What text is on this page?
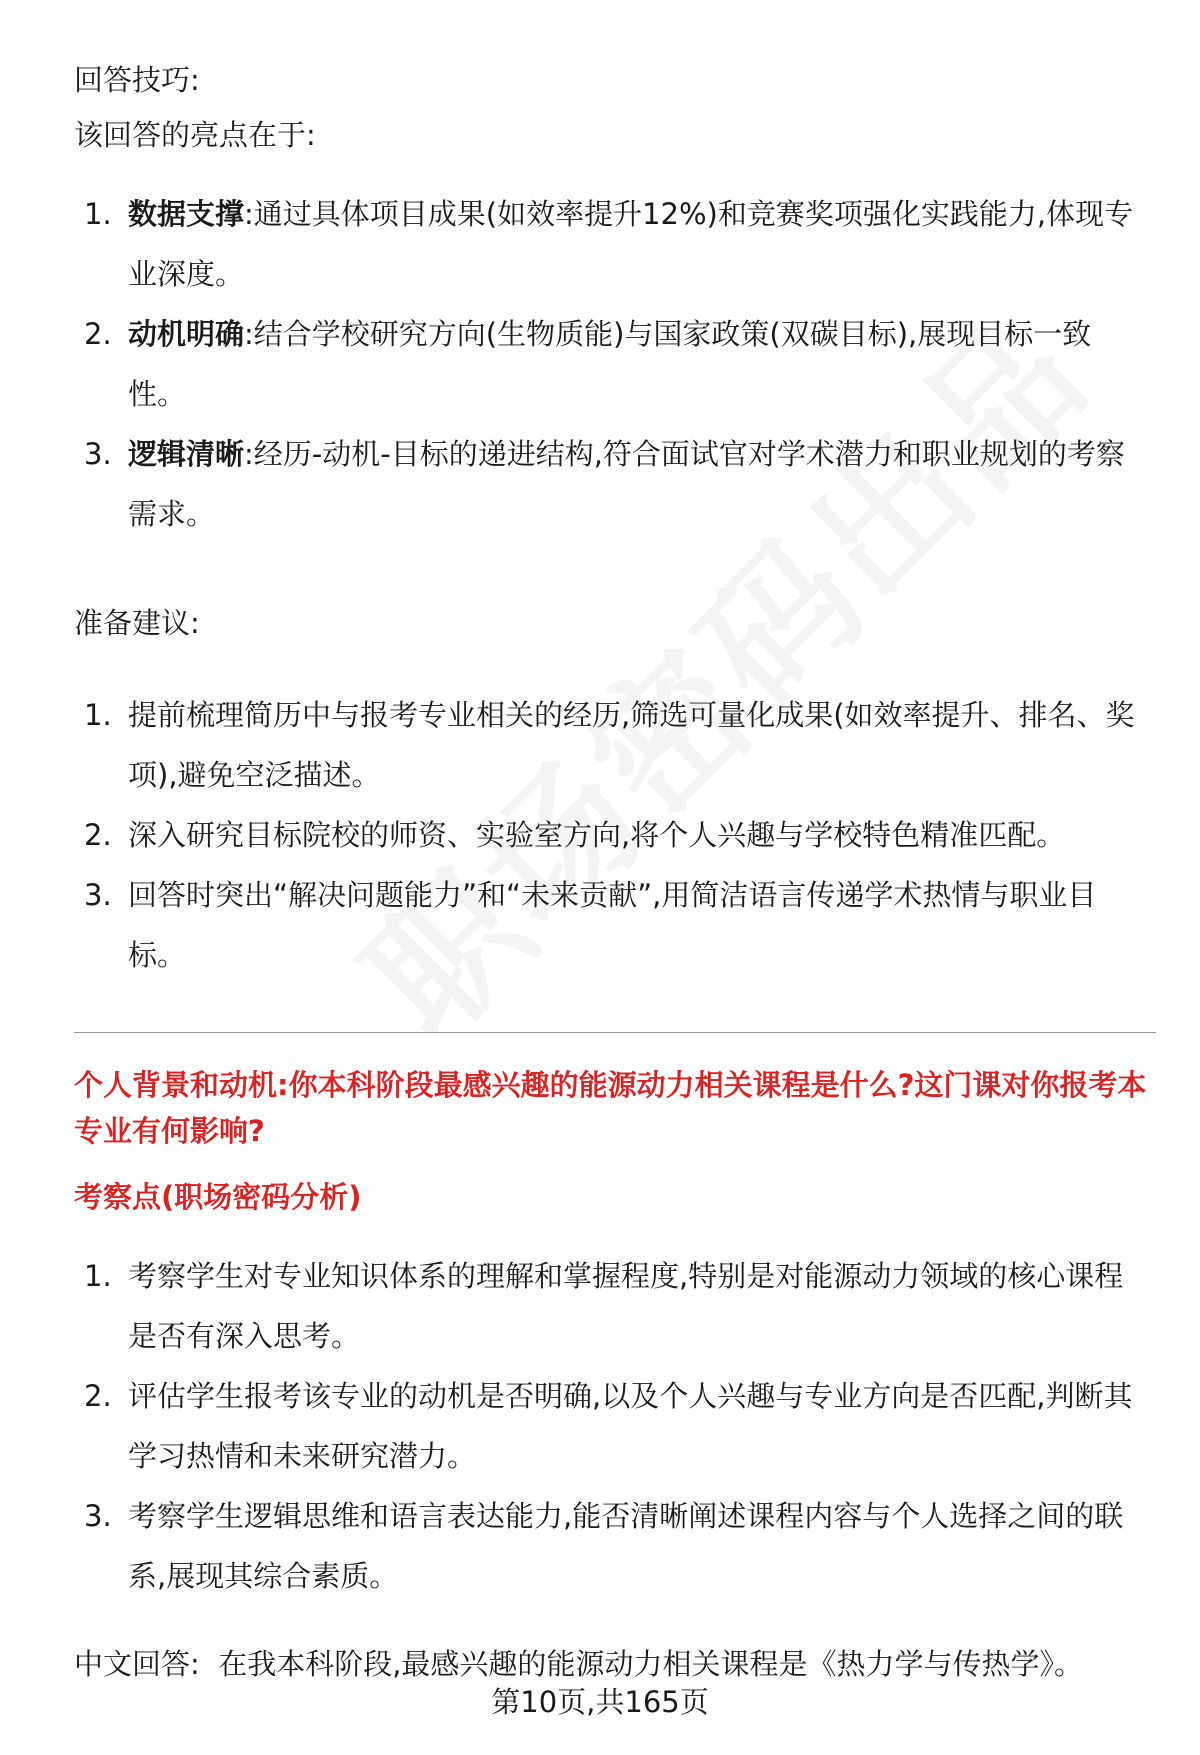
回答技巧:

该回答的亮点在于:

1. 数据支撑:通过具体项目成果(如效率提升12%)和竞赛奖项强化实践能力,体现专业深度。
2. 动机明确:结合学校研究方向(生物质能)与国家政策(双碳目标),展现目标一致性。
3. 逻辑清晰:经历-动机-目标的递进结构,符合面试官对学术潜力和职业规划的考察需求。

准备建议:

1. 提前梳理简历中与报考专业相关的经历,筛选可量化成果(如效率提升、排名、奖项),避免空泛描述。
2. 深入研究目标院校的师资、实验室方向,将个人兴趣与学校特色精准匹配。
3. 回答时突出“解决问题能力”和“未来贡献”,用简洁语言传递学术热情与职业目标。

个人背景和动机:你本科阶段最感兴趣的能源动力相关课程是什么?这门课对你报考本专业有何影响?

考察点(职场密码分析)

1. 考察学生对专业知识体系的理解和掌握程度,特别是对能源动力领域的核心课程是否有深入思考。
2. 评估学生报考该专业的动机是否明确,以及个人兴趣与专业方向是否匹配,判断其学习热情和未来研究潜力。
3. 考察学生逻辑思维和语言表达能力,能否清晰阐述课程内容与个人选择之间的联系,展现其综合素质。

中文回答: 在我本科阶段,最感兴趣的能源动力相关课程是《热力学与传热学》。

第10页,共165页
